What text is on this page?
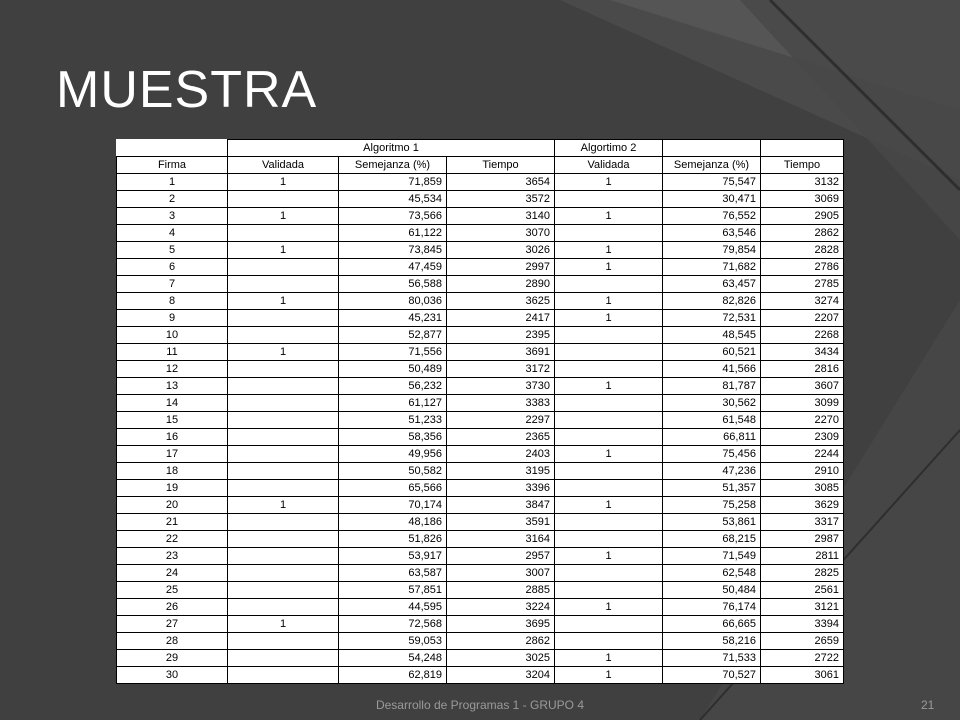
MUESTRA
	Algoritmo 1			Algortimo 2		
Firma	Validada	Semejanza (%)	Tiempo	Validada	Semejanza (%)	Tiempo
1	1	71,859	3654	1	75,547	3132
2		45,534	3572		30,471	3069
3	1	73,566	3140	1	76,552	2905
4		61,122	3070		63,546	2862
5	1	73,845	3026	1	79,854	2828
6		47,459	2997	1	71,682	2786
7		56,588	2890		63,457	2785
8	1	80,036	3625	1	82,826	3274
9		45,231	2417	1	72,531	2207
10		52,877	2395		48,545	2268
11	1	71,556	3691		60,521	3434
12		50,489	3172		41,566	2816
13		56,232	3730	1	81,787	3607
14		61,127	3383		30,562	3099
15		51,233	2297		61,548	2270
16		58,356	2365		66,811	2309
17		49,956	2403	1	75,456	2244
18		50,582	3195		47,236	2910
19		65,566	3396		51,357	3085
20	1	70,174	3847	1	75,258	3629
21		48,186	3591		53,861	3317
22		51,826	3164		68,215	2987
23		53,917	2957	1	71,549	2811
24		63,587	3007		62,548	2825
25		57,851	2885		50,484	2561
26		44,595	3224	1	76,174	3121
27	1	72,568	3695		66,665	3394
28		59,053	2862		58,216	2659
29		54,248	3025	1	71,533	2722
30		62,819	3204	1	70,527	3061
Desarrollo de Programas 1 - GRUPO 4	21
